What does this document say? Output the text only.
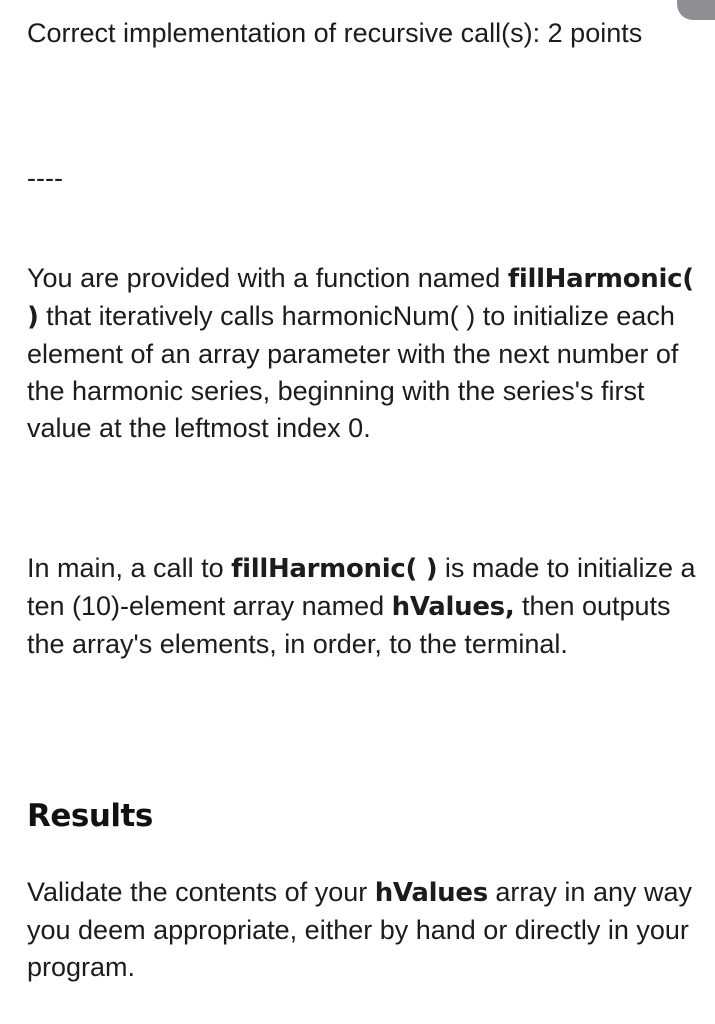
Correct implementation of recursive call(s): 2 points

----

You are provided with a function named fillHarmonic( ) that iteratively calls harmonicNum( ) to initialize each element of an array parameter with the next number of the harmonic series, beginning with the series's first value at the leftmost index 0.

In main, a call to fillHarmonic( ) is made to initialize a ten (10)-element array named hValues, then outputs the array's elements, in order, to the terminal.

Results

Validate the contents of your hValues array in any way you deem appropriate, either by hand or directly in your program.
